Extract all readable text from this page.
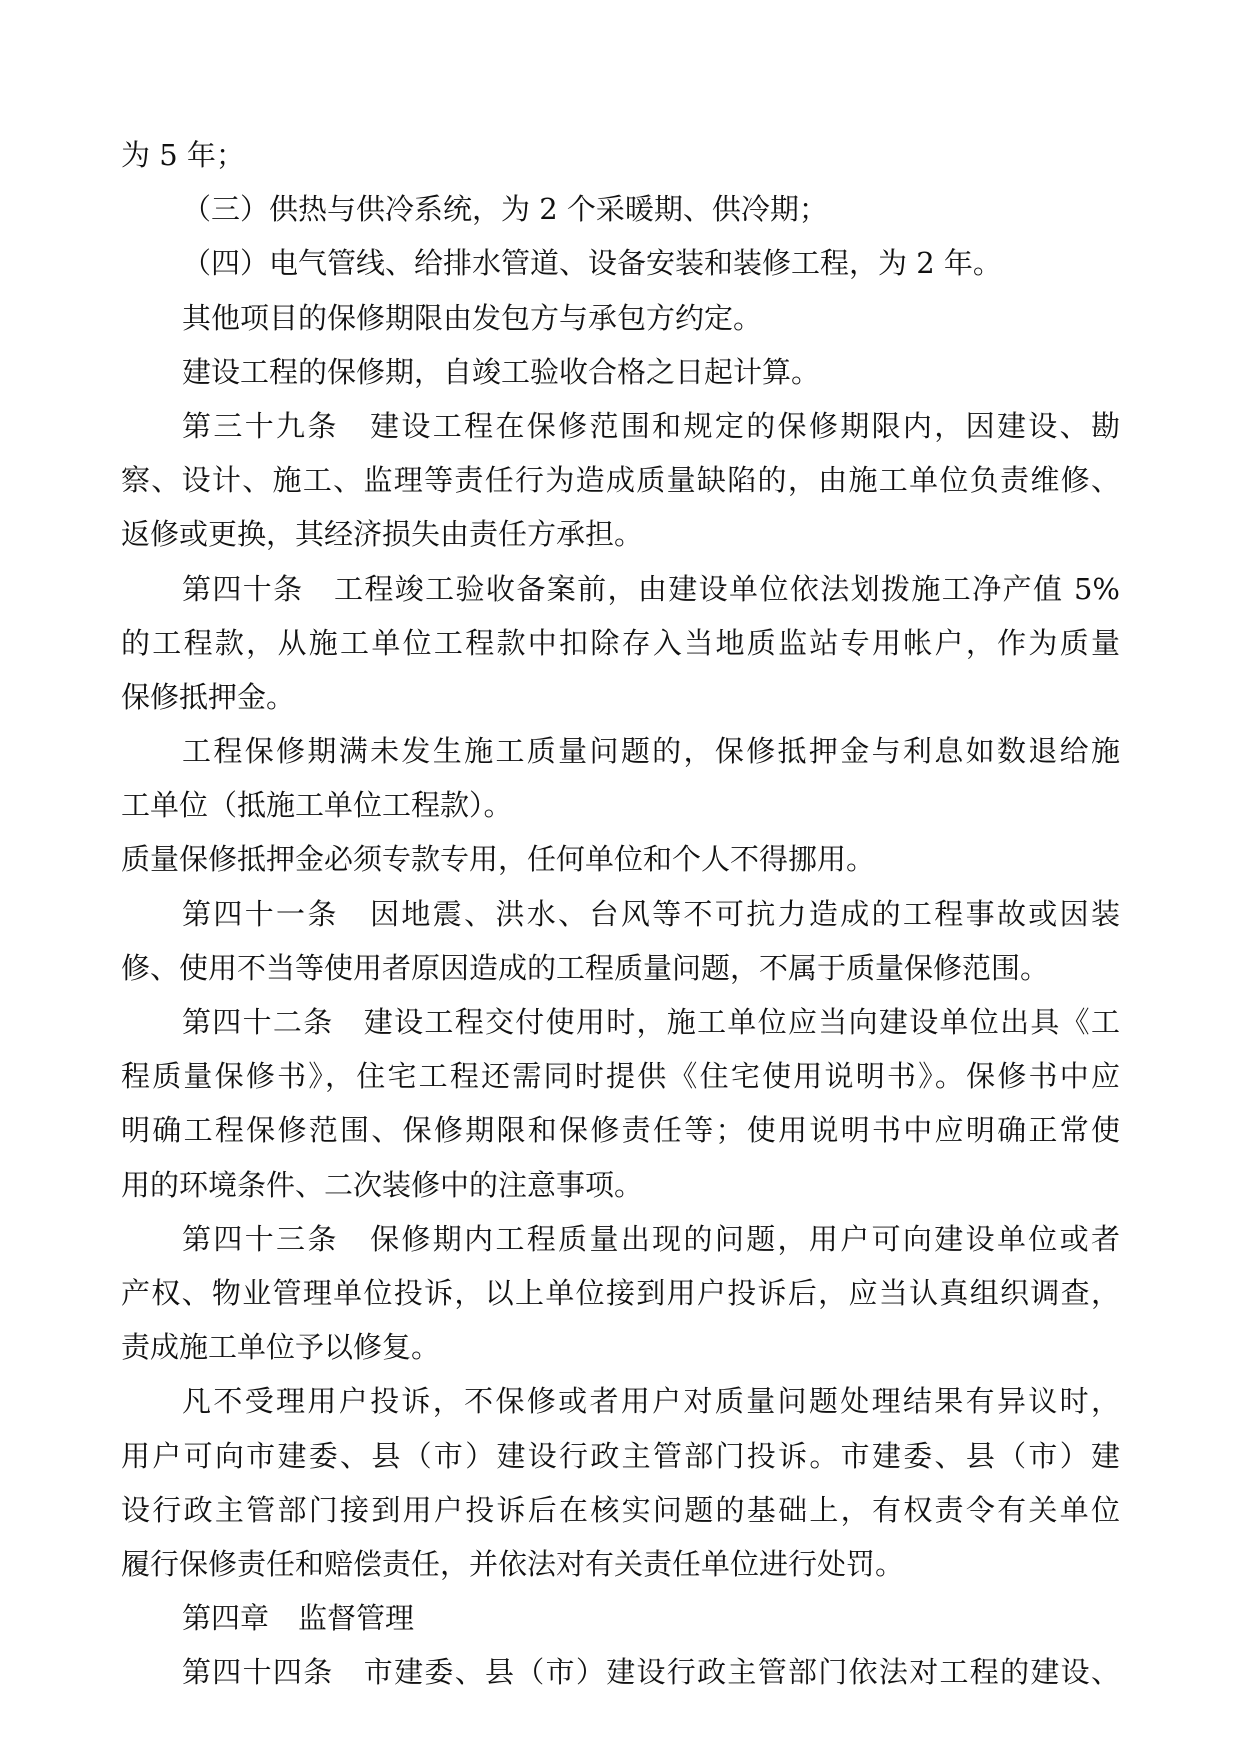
为 5 年；
（三）供热与供冷系统，为 2 个采暖期、供冷期；
（四）电气管线、给排水管道、设备安装和装修工程，为 2 年。
其他项目的保修期限由发包方与承包方约定。
建设工程的保修期，自竣工验收合格之日起计算。
第三十九条　建设工程在保修范围和规定的保修期限内，因建设、勘
察、设计、施工、监理等责任行为造成质量缺陷的，由施工单位负责维修、
返修或更换，其经济损失由责任方承担。
第四十条　工程竣工验收备案前，由建设单位依法划拨施工净产值 5%
的工程款，从施工单位工程款中扣除存入当地质监站专用帐户，作为质量
保修抵押金。
工程保修期满未发生施工质量问题的，保修抵押金与利息如数退给施
工单位（抵施工单位工程款）。
质量保修抵押金必须专款专用，任何单位和个人不得挪用。
第四十一条　因地震、洪水、台风等不可抗力造成的工程事故或因装
修、使用不当等使用者原因造成的工程质量问题，不属于质量保修范围。
第四十二条　建设工程交付使用时，施工单位应当向建设单位出具《工
程质量保修书》，住宅工程还需同时提供《住宅使用说明书》。保修书中应
明确工程保修范围、保修期限和保修责任等；使用说明书中应明确正常使
用的环境条件、二次装修中的注意事项。
第四十三条　保修期内工程质量出现的问题，用户可向建设单位或者
产权、物业管理单位投诉，以上单位接到用户投诉后，应当认真组织调查，
责成施工单位予以修复。
凡不受理用户投诉，不保修或者用户对质量问题处理结果有异议时，
用户可向市建委、县（市）建设行政主管部门投诉。市建委、县（市）建
设行政主管部门接到用户投诉后在核实问题的基础上，有权责令有关单位
履行保修责任和赔偿责任，并依法对有关责任单位进行处罚。
第四章　监督管理
第四十四条　市建委、县（市）建设行政主管部门依法对工程的建设、
